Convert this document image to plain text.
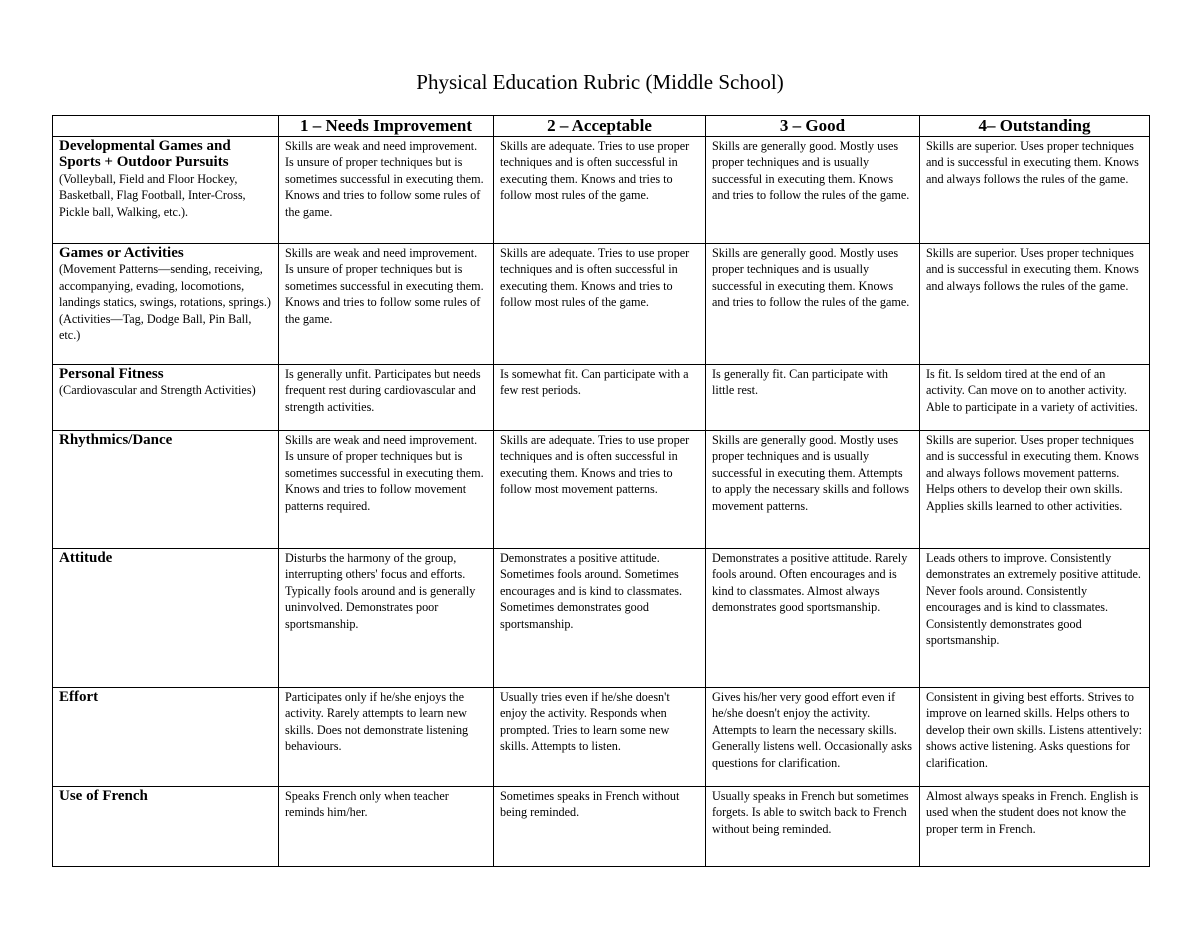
Physical Education Rubric (Middle School)
	1 – Needs Improvement	2 – Acceptable	3 – Good	4– Outstanding

Developmental Games and Sports + Outdoor Pursuits
(Volleyball, Field and Floor Hockey, Basketball, Flag Football, Inter-Cross, Pickle ball, Walking, etc.).	Skills are weak and need improvement. Is unsure of proper techniques but is sometimes successful in executing them. Knows and tries to follow some rules of the game.	Skills are adequate. Tries to use proper techniques and is often successful in executing them. Knows and tries to follow most rules of the game.	Skills are generally good. Mostly uses proper techniques and is usually successful in executing them. Knows and tries to follow the rules of the game.	Skills are superior. Uses proper techniques and is successful in executing them. Knows and always follows the rules of the game.

Games or Activities
(Movement Patterns—sending, receiving, accompanying, evading, locomotions, landings statics, swings, rotations, springs.) (Activities—Tag, Dodge Ball, Pin Ball, etc.)	Skills are weak and need improvement. Is unsure of proper techniques but is sometimes successful in executing them. Knows and tries to follow some rules of the game.	Skills are adequate. Tries to use proper techniques and is often successful in executing them. Knows and tries to follow most rules of the game.	Skills are generally good. Mostly uses proper techniques and is usually successful in executing them. Knows and tries to follow the rules of the game.	Skills are superior. Uses proper techniques and is successful in executing them. Knows and always follows the rules of the game.

Personal Fitness
(Cardiovascular and Strength Activities)	Is generally unfit. Participates but needs frequent rest during cardiovascular and strength activities.	Is somewhat fit. Can participate with a few rest periods.	Is generally fit. Can participate with little rest.	Is fit. Is seldom tired at the end of an activity. Can move on to another activity. Able to participate in a variety of activities.

Rhythmics/Dance	Skills are weak and need improvement. Is unsure of proper techniques but is sometimes successful in executing them. Knows and tries to follow movement patterns required.	Skills are adequate. Tries to use proper techniques and is often successful in executing them. Knows and tries to follow most movement patterns.	Skills are generally good. Mostly uses proper techniques and is usually successful in executing them. Attempts to apply the necessary skills and follows movement patterns.	Skills are superior. Uses proper techniques and is successful in executing them. Knows and always follows movement patterns. Helps others to develop their own skills. Applies skills learned to other activities.

Attitude	Disturbs the harmony of the group, interrupting others' focus and efforts. Typically fools around and is generally uninvolved. Demonstrates poor sportsmanship.	Demonstrates a positive attitude. Sometimes fools around. Sometimes encourages and is kind to classmates. Sometimes demonstrates good sportsmanship.	Demonstrates a positive attitude. Rarely fools around. Often encourages and is kind to classmates. Almost always demonstrates good sportsmanship.	Leads others to improve. Consistently demonstrates an extremely positive attitude. Never fools around. Consistently encourages and is kind to classmates. Consistently demonstrates good sportsmanship.

Effort	Participates only if he/she enjoys the activity. Rarely attempts to learn new skills. Does not demonstrate listening behaviours.	Usually tries even if he/she doesn't enjoy the activity. Responds when prompted. Tries to learn some new skills. Attempts to listen.	Gives his/her very good effort even if he/she doesn't enjoy the activity. Attempts to learn the necessary skills. Generally listens well. Occasionally asks questions for clarification.	Consistent in giving best efforts. Strives to improve on learned skills. Helps others to develop their own skills. Listens attentively: shows active listening. Asks questions for clarification.

Use of French	Speaks French only when teacher reminds him/her.	Sometimes speaks in French without being reminded.	Usually speaks in French but sometimes forgets. Is able to switch back to French without being reminded.	Almost always speaks in French. English is used when the student does not know the proper term in French.
